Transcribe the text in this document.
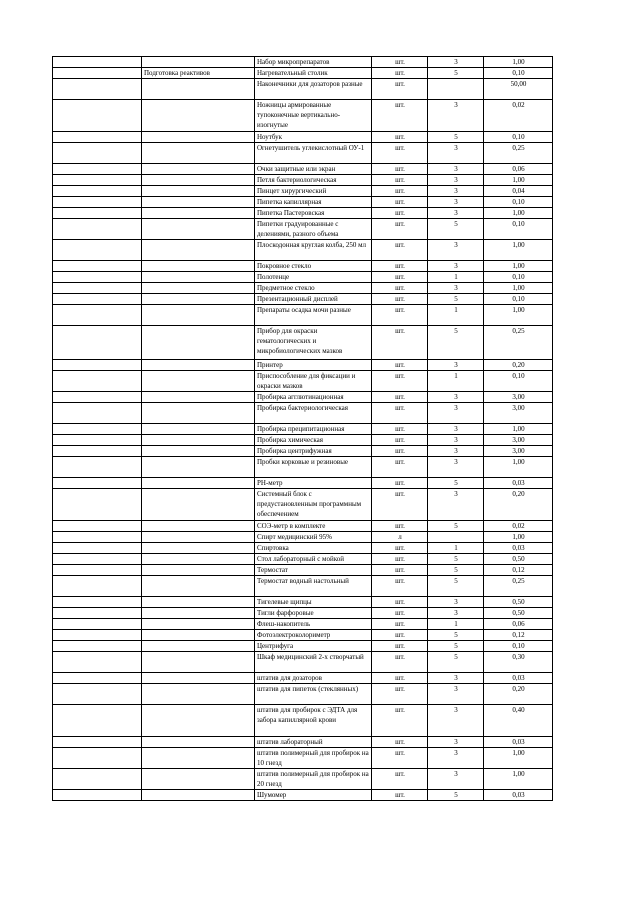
		Набор микропрепаратов	шт.	3	1,00
	Подготовка реактивов	Нагревательный столик	шт.	5	0,10
		Наконечники для дозаторов разные	шт.		50,00
		Ножницы армированные тупоконечные вертикально-изогнутые	шт.	3	0,02
		Ноутбук	шт.	5	0,10
		Огнетушитель углекислотный ОУ-1	шт.	3	0,25
		Очки защитные или экран	шт.	3	0,06
		Петля бактериологическая	шт.	3	1,00
		Пинцет хирургический	шт.	3	0,04
		Пипетка капиллярная	шт.	3	0,10
		Пипетка Пастеровская	шт.	3	1,00
		Пипетки градуированные с делениями, разного объема	шт.	5	0,10
		Плоскодонная круглая колба, 250 мл	шт.	3	1,00
		Покровное стекло	шт.	3	1,00
		Полотенце	шт.	1	0,10
		Предметное стекло	шт.	3	1,00
		Презентационный дисплей	шт.	5	0,10
		Препараты осадка мочи разные	шт.	1	1,00
		Прибор для окраски гематологических и микробиологических мазков	шт.	5	0,25
		Принтер	шт.	3	0,20
		Приспособление для фиксации и окраски мазков	шт.	1	0,10
		Пробирка агглютинационная	шт.	3	3,00
		Пробирка бактериологическая	шт.	3	3,00
		Пробирка преципитационная	шт.	3	1,00
		Пробирка химическая	шт.	3	3,00
		Пробирка центрифужная	шт.	3	3,00
		Пробки корковые и резиновые	шт.	3	1,00
		PH-метр	шт.	5	0,03
		Системный блок с предустановленным программным обеспечением	шт.	3	0,20
		СОЭ-метр в комплекте	шт.	5	0,02
		Спирт медицинский 95%	л		1,00
		Спиртовка	шт.	1	0,03
		Стол лабораторный с мойкой	шт.	5	0,50
		Термостат	шт.	5	0,12
		Термостат водный настольный	шт.	5	0,25
		Тигелевые щипцы	шт.	3	0,50
		Тигли фарфоровые	шт.	3	0,50
		Флеш-накопитель	шт.	1	0,06
		Фотоэлектроколориметр	шт.	5	0,12
		Центрифуга	шт.	5	0,10
		Шкаф медицинский 2-х створчатый	шт.	5	0,30
		штатив для дозаторов	шт.	3	0,03
		штатив для пипеток (стеклянных)	шт.	3	0,20
		штатив для пробирок с ЭДТА для забора капиллярной крови	шт.	3	0,40
		штатив лабораторный	шт.	3	0,03
		штатив полимерный для пробирок на 10 гнезд	шт.	3	1,00
		штатив полимерный для пробирок на 20 гнезд	шт.	3	1,00
		Шумомер	шт.	5	0,03
